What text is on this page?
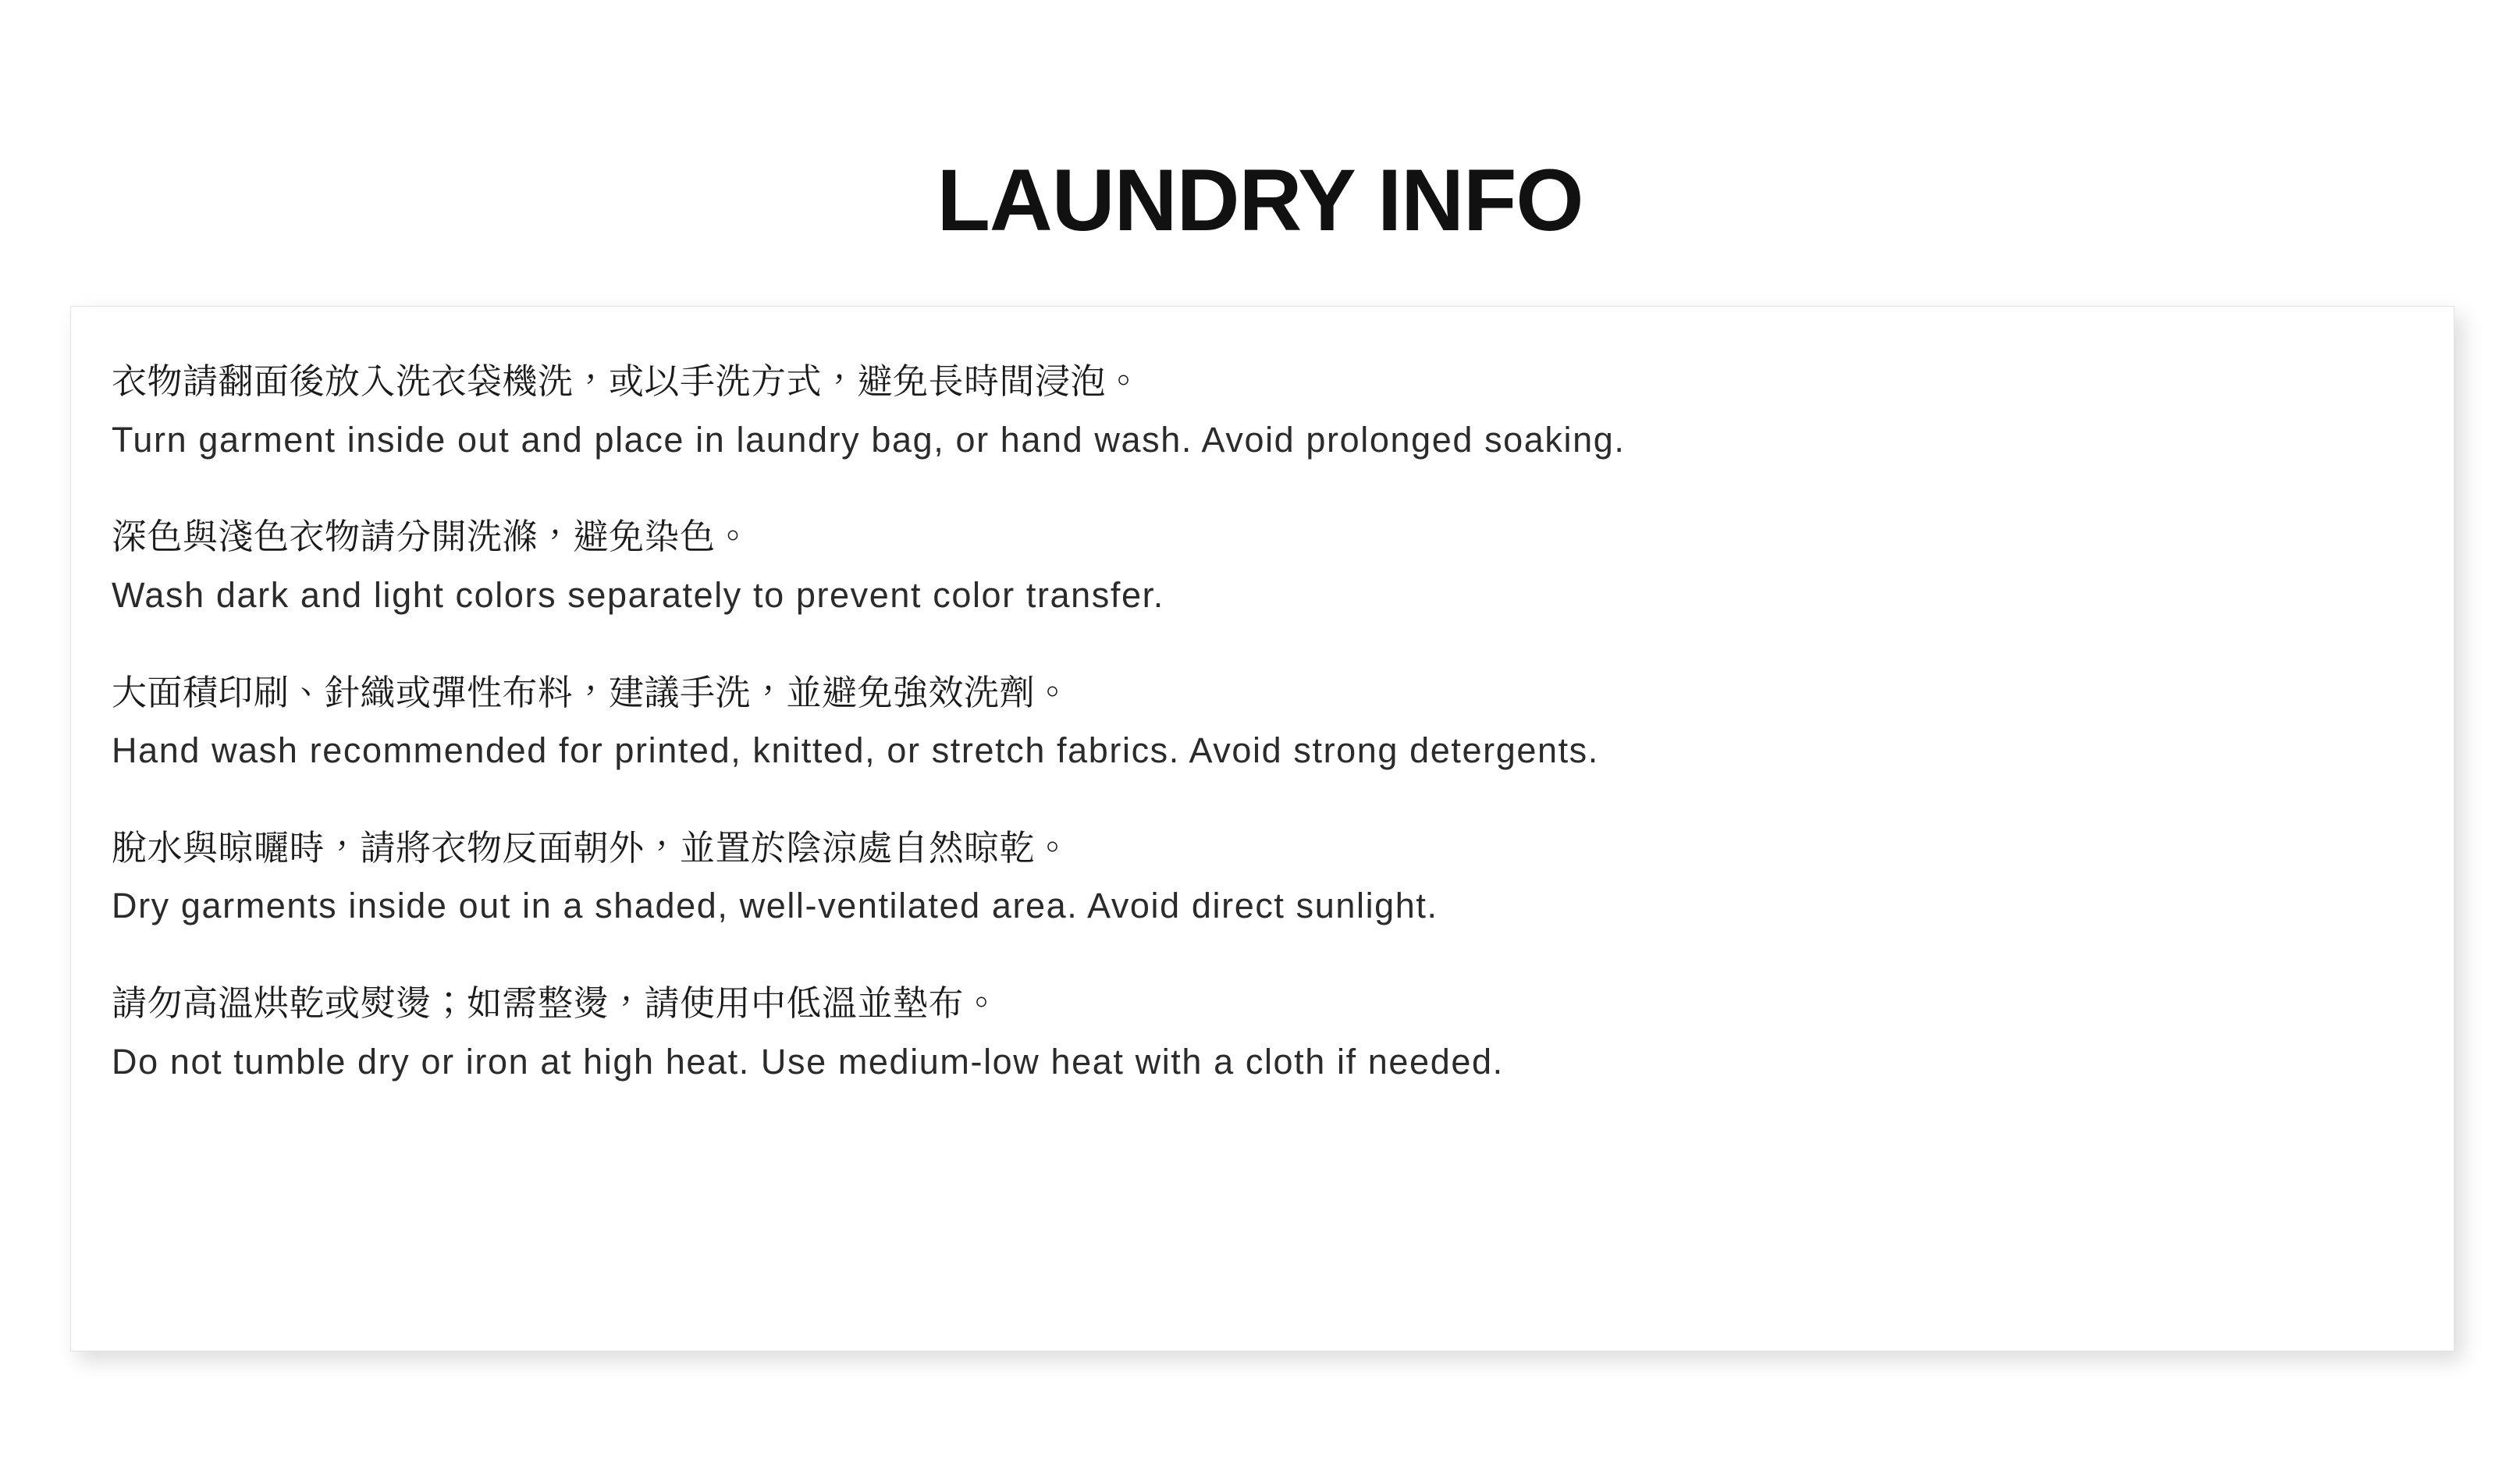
LAUNDRY INFO
衣物請翻面後放入洗衣袋機洗，或以手洗方式，避免長時間浸泡。
Turn garment inside out and place in laundry bag, or hand wash. Avoid prolonged soaking.
深色與淺色衣物請分開洗滌，避免染色。
Wash dark and light colors separately to prevent color transfer.
大面積印刷、針織或彈性布料，建議手洗，並避免強效洗劑。
Hand wash recommended for printed, knitted, or stretch fabrics. Avoid strong detergents.
脫水與晾曬時，請將衣物反面朝外，並置於陰涼處自然晾乾。
Dry garments inside out in a shaded, well-ventilated area. Avoid direct sunlight.
請勿高溫烘乾或熨燙；如需整燙，請使用中低溫並墊布。
Do not tumble dry or iron at high heat. Use medium-low heat with a cloth if needed.
